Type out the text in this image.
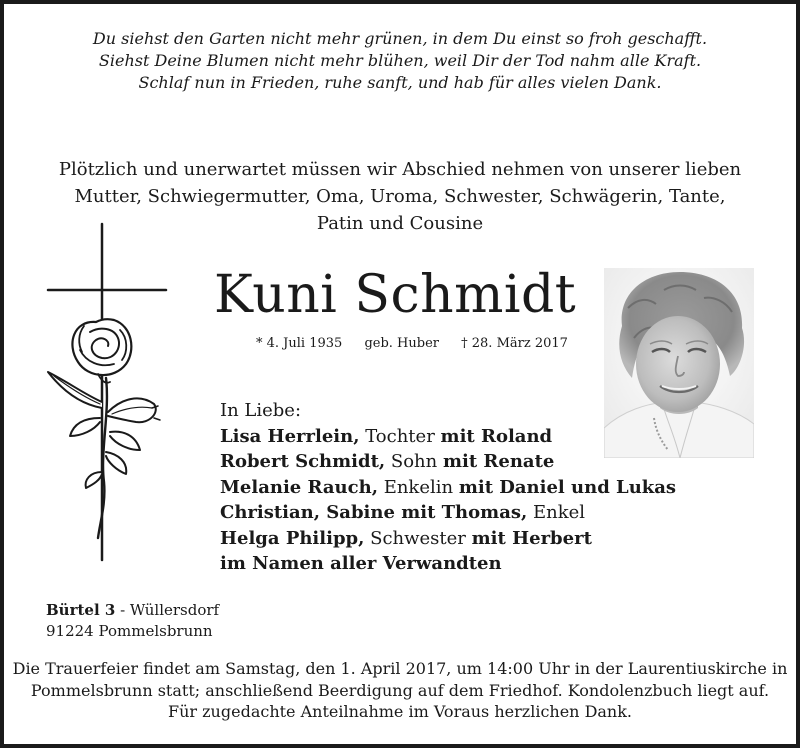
Du siehst den Garten nicht mehr grünen, in dem Du einst so froh geschafft.
Siehst Deine Blumen nicht mehr blühen, weil Dir der Tod nahm alle Kraft.
Schlaf nun in Frieden, ruhe sanft, und hab für alles vielen Dank.
Plötzlich und unerwartet müssen wir Abschied nehmen von unserer lieben
Mutter, Schwiegermutter, Oma, Uroma, Schwester, Schwägerin, Tante,
Patin und Cousine
Kuni Schmidt
* 4. Juli 1935 geb. Huber † 28. März 2017
In Liebe:
Lisa Herrlein, Tochter mit Roland
Robert Schmidt, Sohn mit Renate
Melanie Rauch, Enkelin mit Daniel und Lukas
Christian, Sabine mit Thomas, Enkel
Helga Philipp, Schwester mit Herbert
im Namen aller Verwandten
Bürtel 3 - Wüllersdorf
91224 Pommelsbrunn
Die Trauerfeier findet am Samstag, den 1. April 2017, um 14:00 Uhr in der Laurentiuskirche in
Pommelsbrunn statt; anschließend Beerdigung auf dem Friedhof. Kondolenzbuch liegt auf.
Für zugedachte Anteilnahme im Voraus herzlichen Dank.
